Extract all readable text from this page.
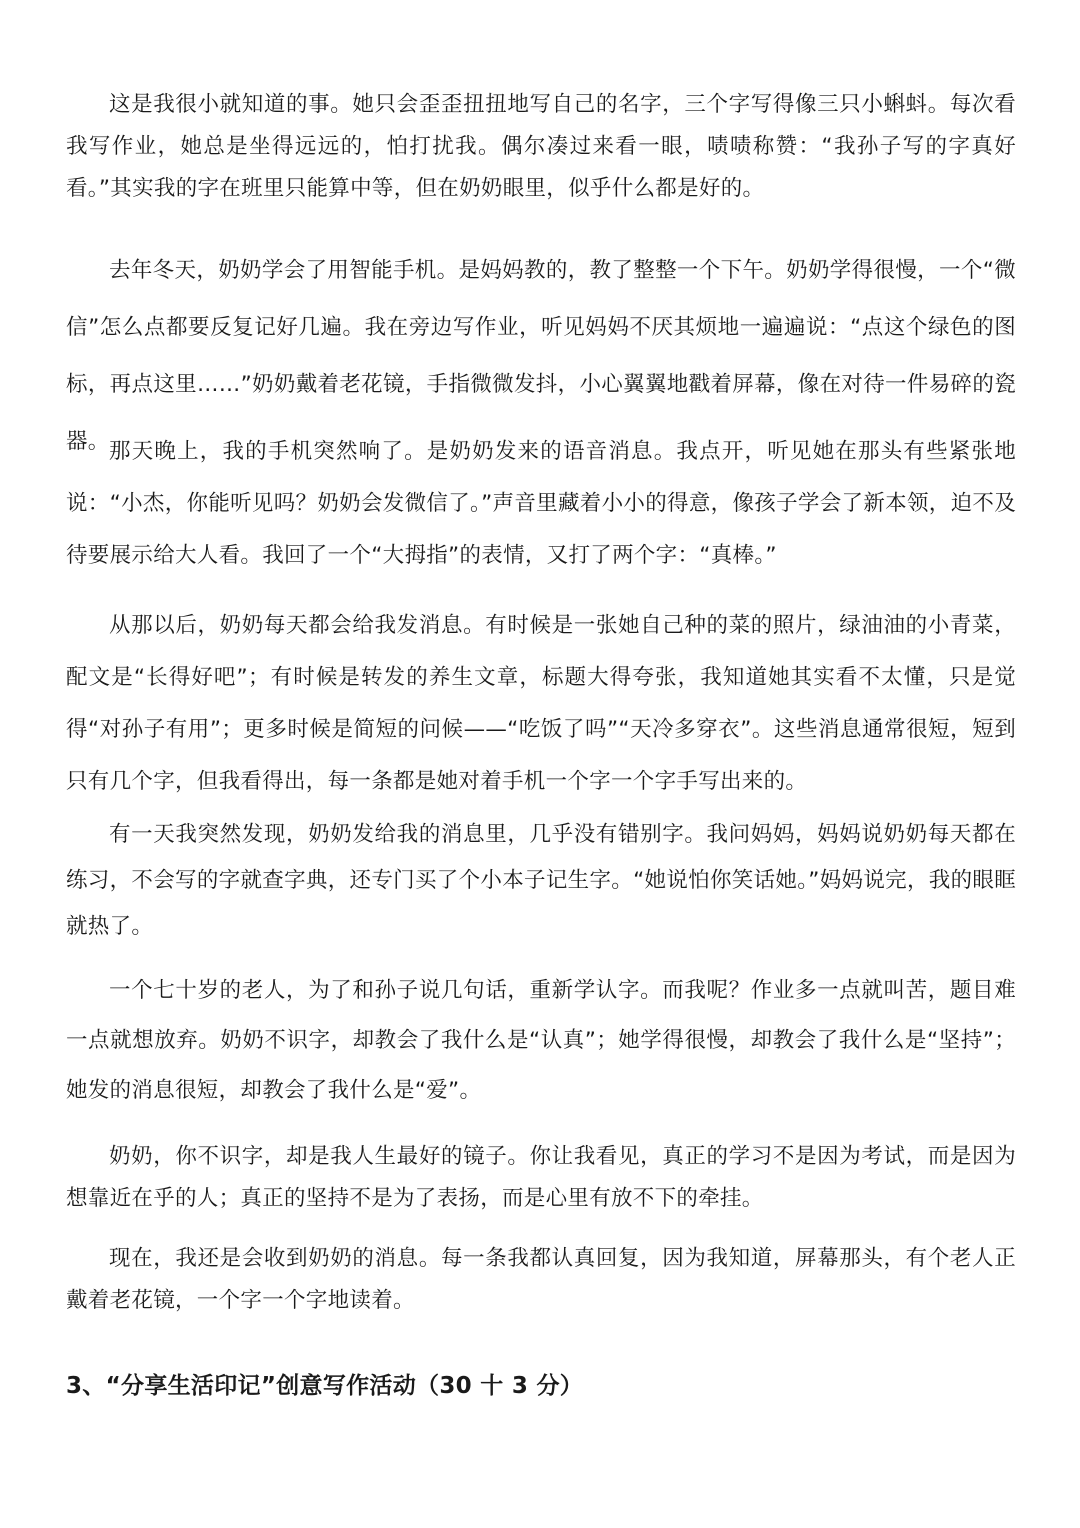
这是我很小就知道的事。她只会歪歪扭扭地写自己的名字，三个字写得像三只小蝌蚪。每次看我写作业，她总是坐得远远的，怕打扰我。偶尔凑过来看一眼，啧啧称赞：“我孙子写的字真好看。”其实我的字在班里只能算中等，但在奶奶眼里，似乎什么都是好的。

去年冬天，奶奶学会了用智能手机。是妈妈教的，教了整整一个下午。奶奶学得很慢，一个“微信”怎么点都要反复记好几遍。我在旁边写作业，听见妈妈不厌其烦地一遍遍说：“点这个绿色的图标，再点这里……”奶奶戴着老花镜，手指微微发抖，小心翼翼地戳着屏幕，像在对待一件易碎的瓷器。 那天晚上，我的手机突然响了。是奶奶发来的语音消息。我点开，听见她在那头有些紧张地说：“小杰，你能听见吗？奶奶会发微信了。”声音里藏着小小的得意，像孩子学会了新本领，迫不及待要展示给大人看。我回了一个“大拇指”的表情，又打了两个字：“真棒。”

从那以后，奶奶每天都会给我发消息。有时候是一张她自己种的菜的照片，绿油油的小青菜，配文是“长得好吧”；有时候是转发的养生文章，标题大得夸张，我知道她其实看不太懂，只是觉得“对孙子有用”；更多时候是简短的问候——“吃饭了吗”“天冷多穿衣”。这些消息通常很短，短到只有几个字，但我看得出，每一条都是她对着手机一个字一个字手写出来的。

有一天我突然发现，奶奶发给我的消息里，几乎没有错别字。我问妈妈，妈妈说奶奶每天都在练习，不会写的字就查字典，还专门买了个小本子记生字。“她说怕你笑话她。”妈妈说完，我的眼眶就热了。

一个七十岁的老人，为了和孙子说几句话，重新学认字。而我呢？作业多一点就叫苦，题目难一点就想放弃。奶奶不识字，却教会了我什么是“认真”；她学得很慢，却教会了我什么是“坚持”；她发的消息很短，却教会了我什么是“爱”。

奶奶，你不识字，却是我人生最好的镜子。你让我看见，真正的学习不是因为考试，而是因为想靠近在乎的人；真正的坚持不是为了表扬，而是心里有放不下的牵挂。

现在，我还是会收到奶奶的消息。每一条我都认真回复，因为我知道，屏幕那头，有个老人正戴着老花镜，一个字一个字地读着。

3、“分享生活印记”创意写作活动（30 十 3 分）
